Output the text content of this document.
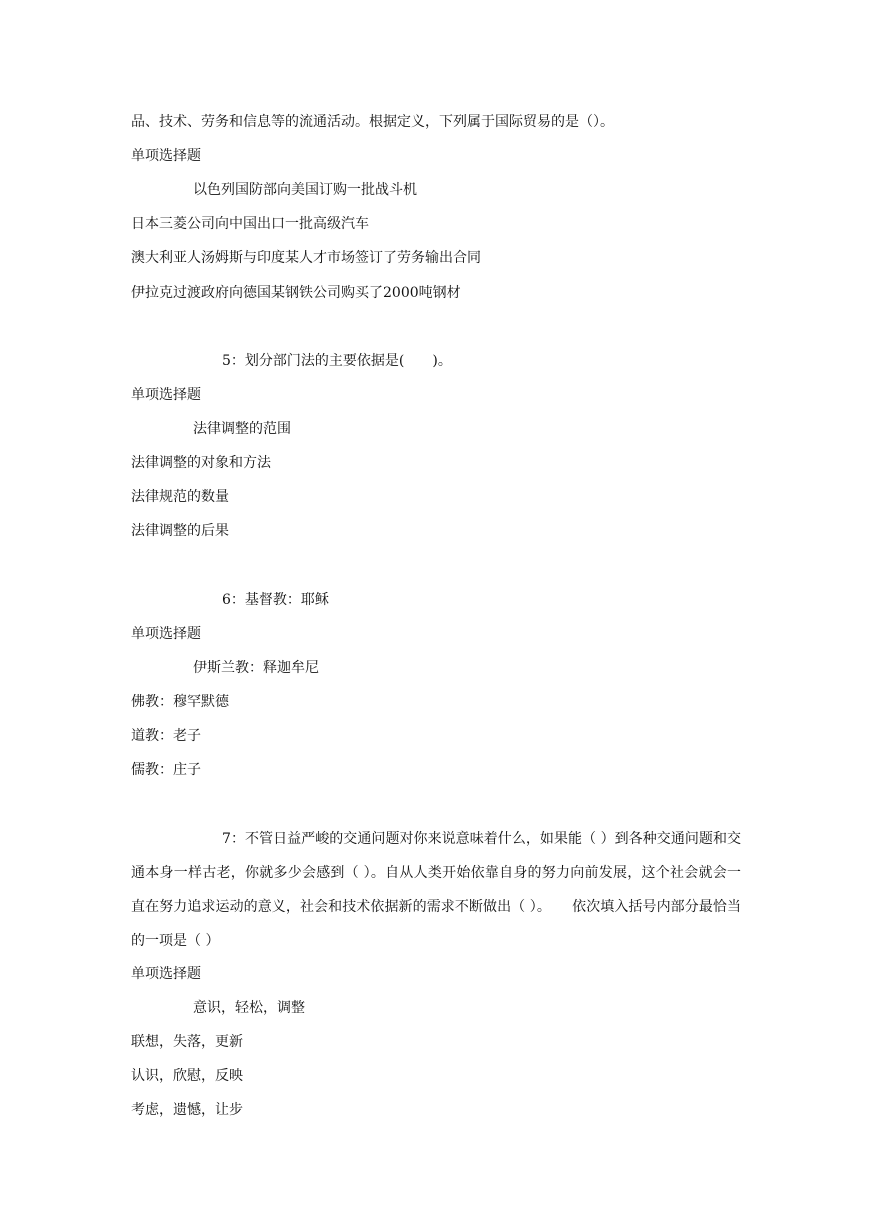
品、技术、劳务和信息等的流通活动。根据定义，下列属于国际贸易的是（）。

单项选择题

以色列国防部向美国订购一批战斗机

日本三菱公司向中国出口一批高级汽车

澳大利亚人汤姆斯与印度某人才市场签订了劳务输出合同

伊拉克过渡政府向德国某钢铁公司购买了2000吨钢材

5：划分部门法的主要依据是(　　)。

单项选择题

法律调整的范围

法律调整的对象和方法

法律规范的数量

法律调整的后果

6：基督教：耶稣

单项选择题

伊斯兰教：释迦牟尼

佛教：穆罕默德

道教：老子

儒教：庄子

7：不管日益严峻的交通问题对你来说意味着什么，如果能（ ）到各种交通问题和交通本身一样古老，你就多少会感到（ ）。自从人类开始依靠自身的努力向前发展，这个社会就会一直在努力追求运动的意义，社会和技术依据新的需求不断做出（ ）。　　依次填入括号内部分最恰当的一项是（ ）

单项选择题

意识，轻松，调整

联想，失落，更新

认识，欣慰，反映

考虑，遗憾，让步
